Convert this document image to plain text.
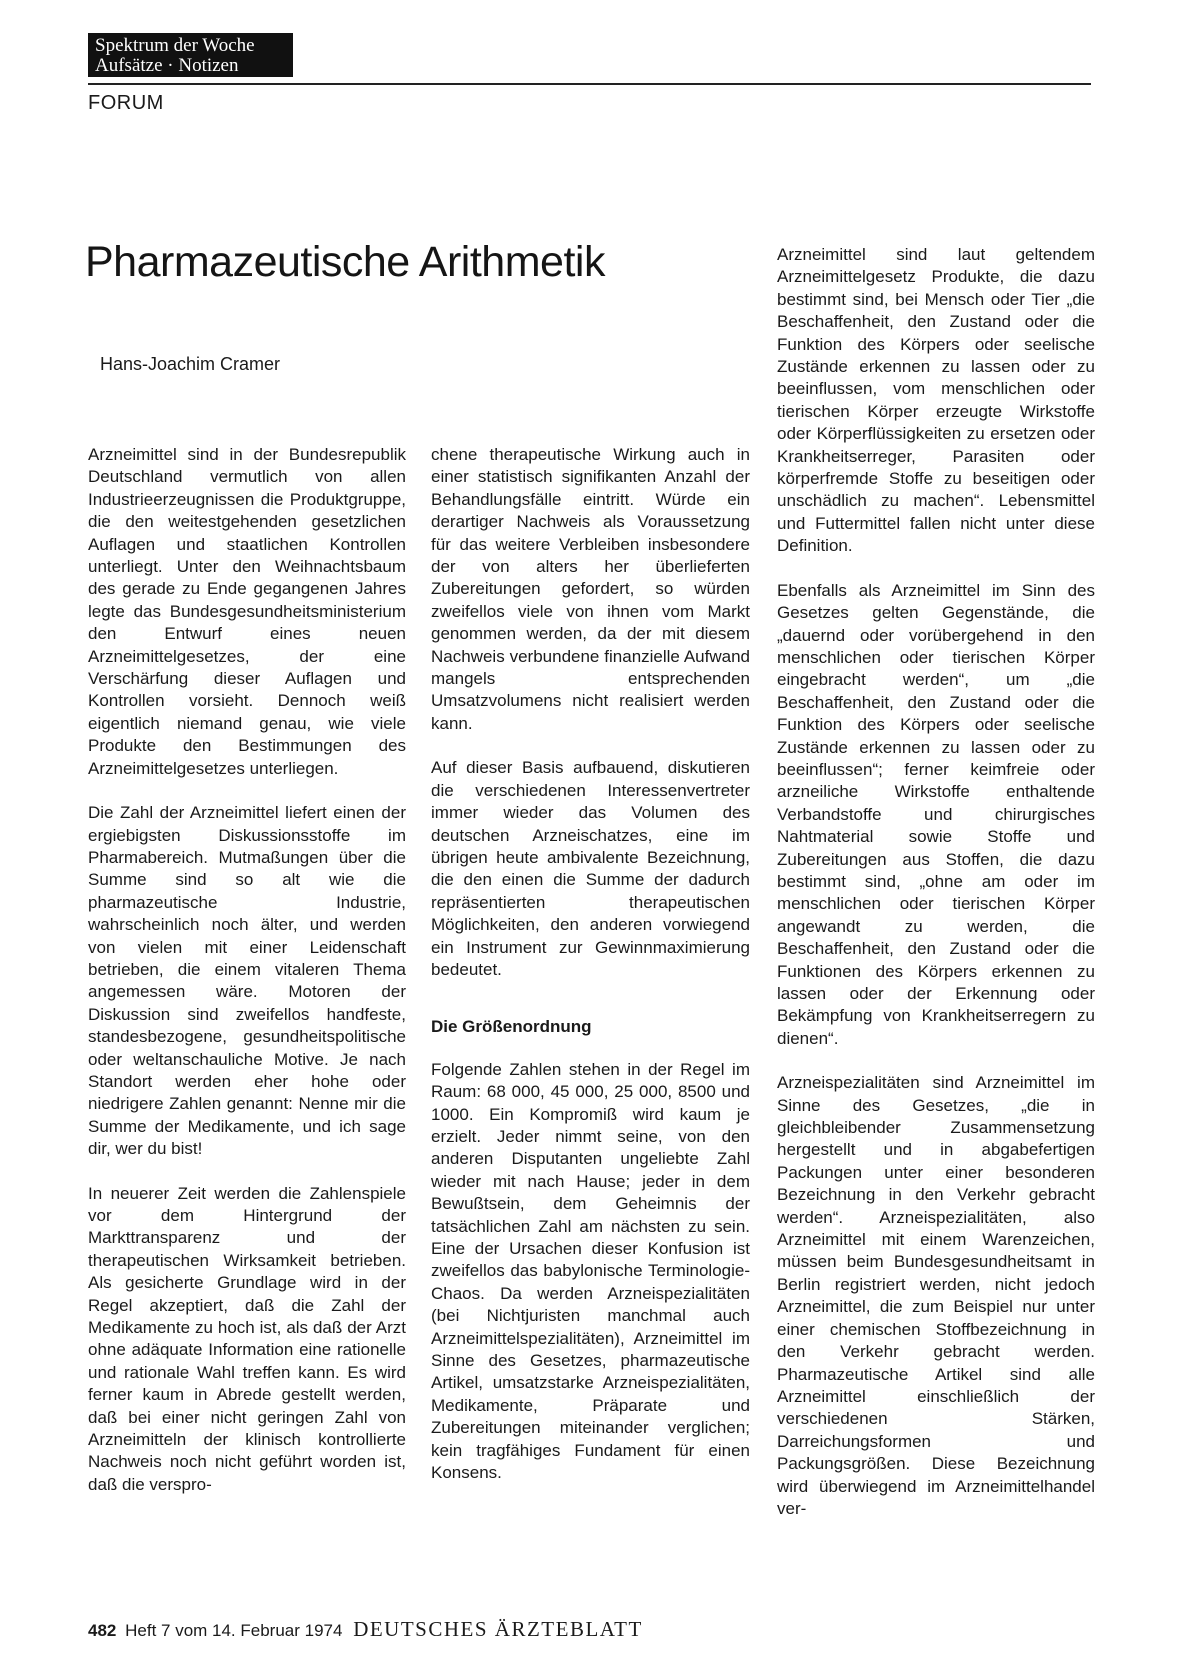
Spektrum der Woche
Aufsätze · Notizen
FORUM
Pharmazeutische Arithmetik
Hans-Joachim Cramer

Arzneimittel sind in der Bundesrepublik Deutschland vermutlich von allen Industrieerzeugnissen die Produktgruppe, die den weitestgehenden gesetzlichen Auflagen und staatlichen Kontrollen unterliegt. Unter den Weihnachtsbaum des gerade zu Ende gegangenen Jahres legte das Bundesgesundheitsministerium den Entwurf eines neuen Arzneimittelgesetzes, der eine Verschärfung dieser Auflagen und Kontrollen vorsieht. Dennoch weiß eigentlich niemand genau, wie viele Produkte den Bestimmungen des Arzneimittelgesetzes unterliegen.

Die Zahl der Arzneimittel liefert einen der ergiebigsten Diskussionsstoffe im Pharmabereich. Mutmaßungen über die Summe sind so alt wie die pharmazeutische Industrie, wahrscheinlich noch älter, und werden von vielen mit einer Leidenschaft betrieben, die einem vitaleren Thema angemessen wäre. Motoren der Diskussion sind zweifellos handfeste, standesbezogene, gesundheitspolitische oder weltanschauliche Motive. Je nach Standort werden eher hohe oder niedrigere Zahlen genannt: Nenne mir die Summe der Medikamente, und ich sage dir, wer du bist!

In neuerer Zeit werden die Zahlenspiele vor dem Hintergrund der Markttransparenz und der therapeutischen Wirksamkeit betrieben. Als gesicherte Grundlage wird in der Regel akzeptiert, daß die Zahl der Medikamente zu hoch ist, als daß der Arzt ohne adäquate Information eine rationelle und rationale Wahl treffen kann. Es wird ferner kaum in Abrede gestellt werden, daß bei einer nicht geringen Zahl von Arzneimitteln der klinisch kontrollierte Nachweis noch nicht geführt worden ist, daß die verspro-

chene therapeutische Wirkung auch in einer statistisch signifikanten Anzahl der Behandlungsfälle eintritt. Würde ein derartiger Nachweis als Voraussetzung für das weitere Verbleiben insbesondere der von alters her überlieferten Zubereitungen gefordert, so würden zweifellos viele von ihnen vom Markt genommen werden, da der mit diesem Nachweis verbundene finanzielle Aufwand mangels entsprechenden Umsatzvolumens nicht realisiert werden kann.

Auf dieser Basis aufbauend, diskutieren die verschiedenen Interessenvertreter immer wieder das Volumen des deutschen Arzneischatzes, eine im übrigen heute ambivalente Bezeichnung, die den einen die Summe der dadurch repräsentierten therapeutischen Möglichkeiten, den anderen vorwiegend ein Instrument zur Gewinnmaximierung bedeutet.

Die Größenordnung

Folgende Zahlen stehen in der Regel im Raum: 68 000, 45 000, 25 000, 8500 und 1000. Ein Kompromiß wird kaum je erzielt. Jeder nimmt seine, von den anderen Disputanten ungeliebte Zahl wieder mit nach Hause; jeder in dem Bewußtsein, dem Geheimnis der tatsächlichen Zahl am nächsten zu sein. Eine der Ursachen dieser Konfusion ist zweifellos das babylonische Terminologie-Chaos. Da werden Arzneispezialitäten (bei Nichtjuristen manchmal auch Arzneimittelspezialitäten), Arzneimittel im Sinne des Gesetzes, pharmazeutische Artikel, umsatzstarke Arzneispezialitäten, Medikamente, Präparate und Zubereitungen miteinander verglichen; kein tragfähiges Fundament für einen Konsens.

Arzneimittel sind laut geltendem Arzneimittelgesetz Produkte, die dazu bestimmt sind, bei Mensch oder Tier „die Beschaffenheit, den Zustand oder die Funktion des Körpers oder seelische Zustände erkennen zu lassen oder zu beeinflussen, vom menschlichen oder tierischen Körper erzeugte Wirkstoffe oder Körperflüssigkeiten zu ersetzen oder Krankheitserreger, Parasiten oder körperfremde Stoffe zu beseitigen oder unschädlich zu machen“. Lebensmittel und Futtermittel fallen nicht unter diese Definition.

Ebenfalls als Arzneimittel im Sinn des Gesetzes gelten Gegenstände, die „dauernd oder vorübergehend in den menschlichen oder tierischen Körper eingebracht werden“, um „die Beschaffenheit, den Zustand oder die Funktion des Körpers oder seelische Zustände erkennen zu lassen oder zu beeinflussen“; ferner keimfreie oder arzneiliche Wirkstoffe enthaltende Verbandstoffe und chirurgisches Nahtmaterial sowie Stoffe und Zubereitungen aus Stoffen, die dazu bestimmt sind, „ohne am oder im menschlichen oder tierischen Körper angewandt zu werden, die Beschaffenheit, den Zustand oder die Funktionen des Körpers erkennen zu lassen oder der Erkennung oder Bekämpfung von Krankheitserregern zu dienen“.

Arzneispezialitäten sind Arzneimittel im Sinne des Gesetzes, „die in gleichbleibender Zusammensetzung hergestellt und in abgabefertigen Packungen unter einer besonderen Bezeichnung in den Verkehr gebracht werden“. Arzneispezialitäten, also Arzneimittel mit einem Warenzeichen, müssen beim Bundesgesundheitsamt in Berlin registriert werden, nicht jedoch Arzneimittel, die zum Beispiel nur unter einer chemischen Stoffbezeichnung in den Verkehr gebracht werden. Pharmazeutische Artikel sind alle Arzneimittel einschließlich der verschiedenen Stärken, Darreichungsformen und Packungsgrößen. Diese Bezeichnung wird überwiegend im Arzneimittelhandel ver-

482 Heft 7 vom 14. Februar 1974 DEUTSCHES ÄRZTEBLATT
